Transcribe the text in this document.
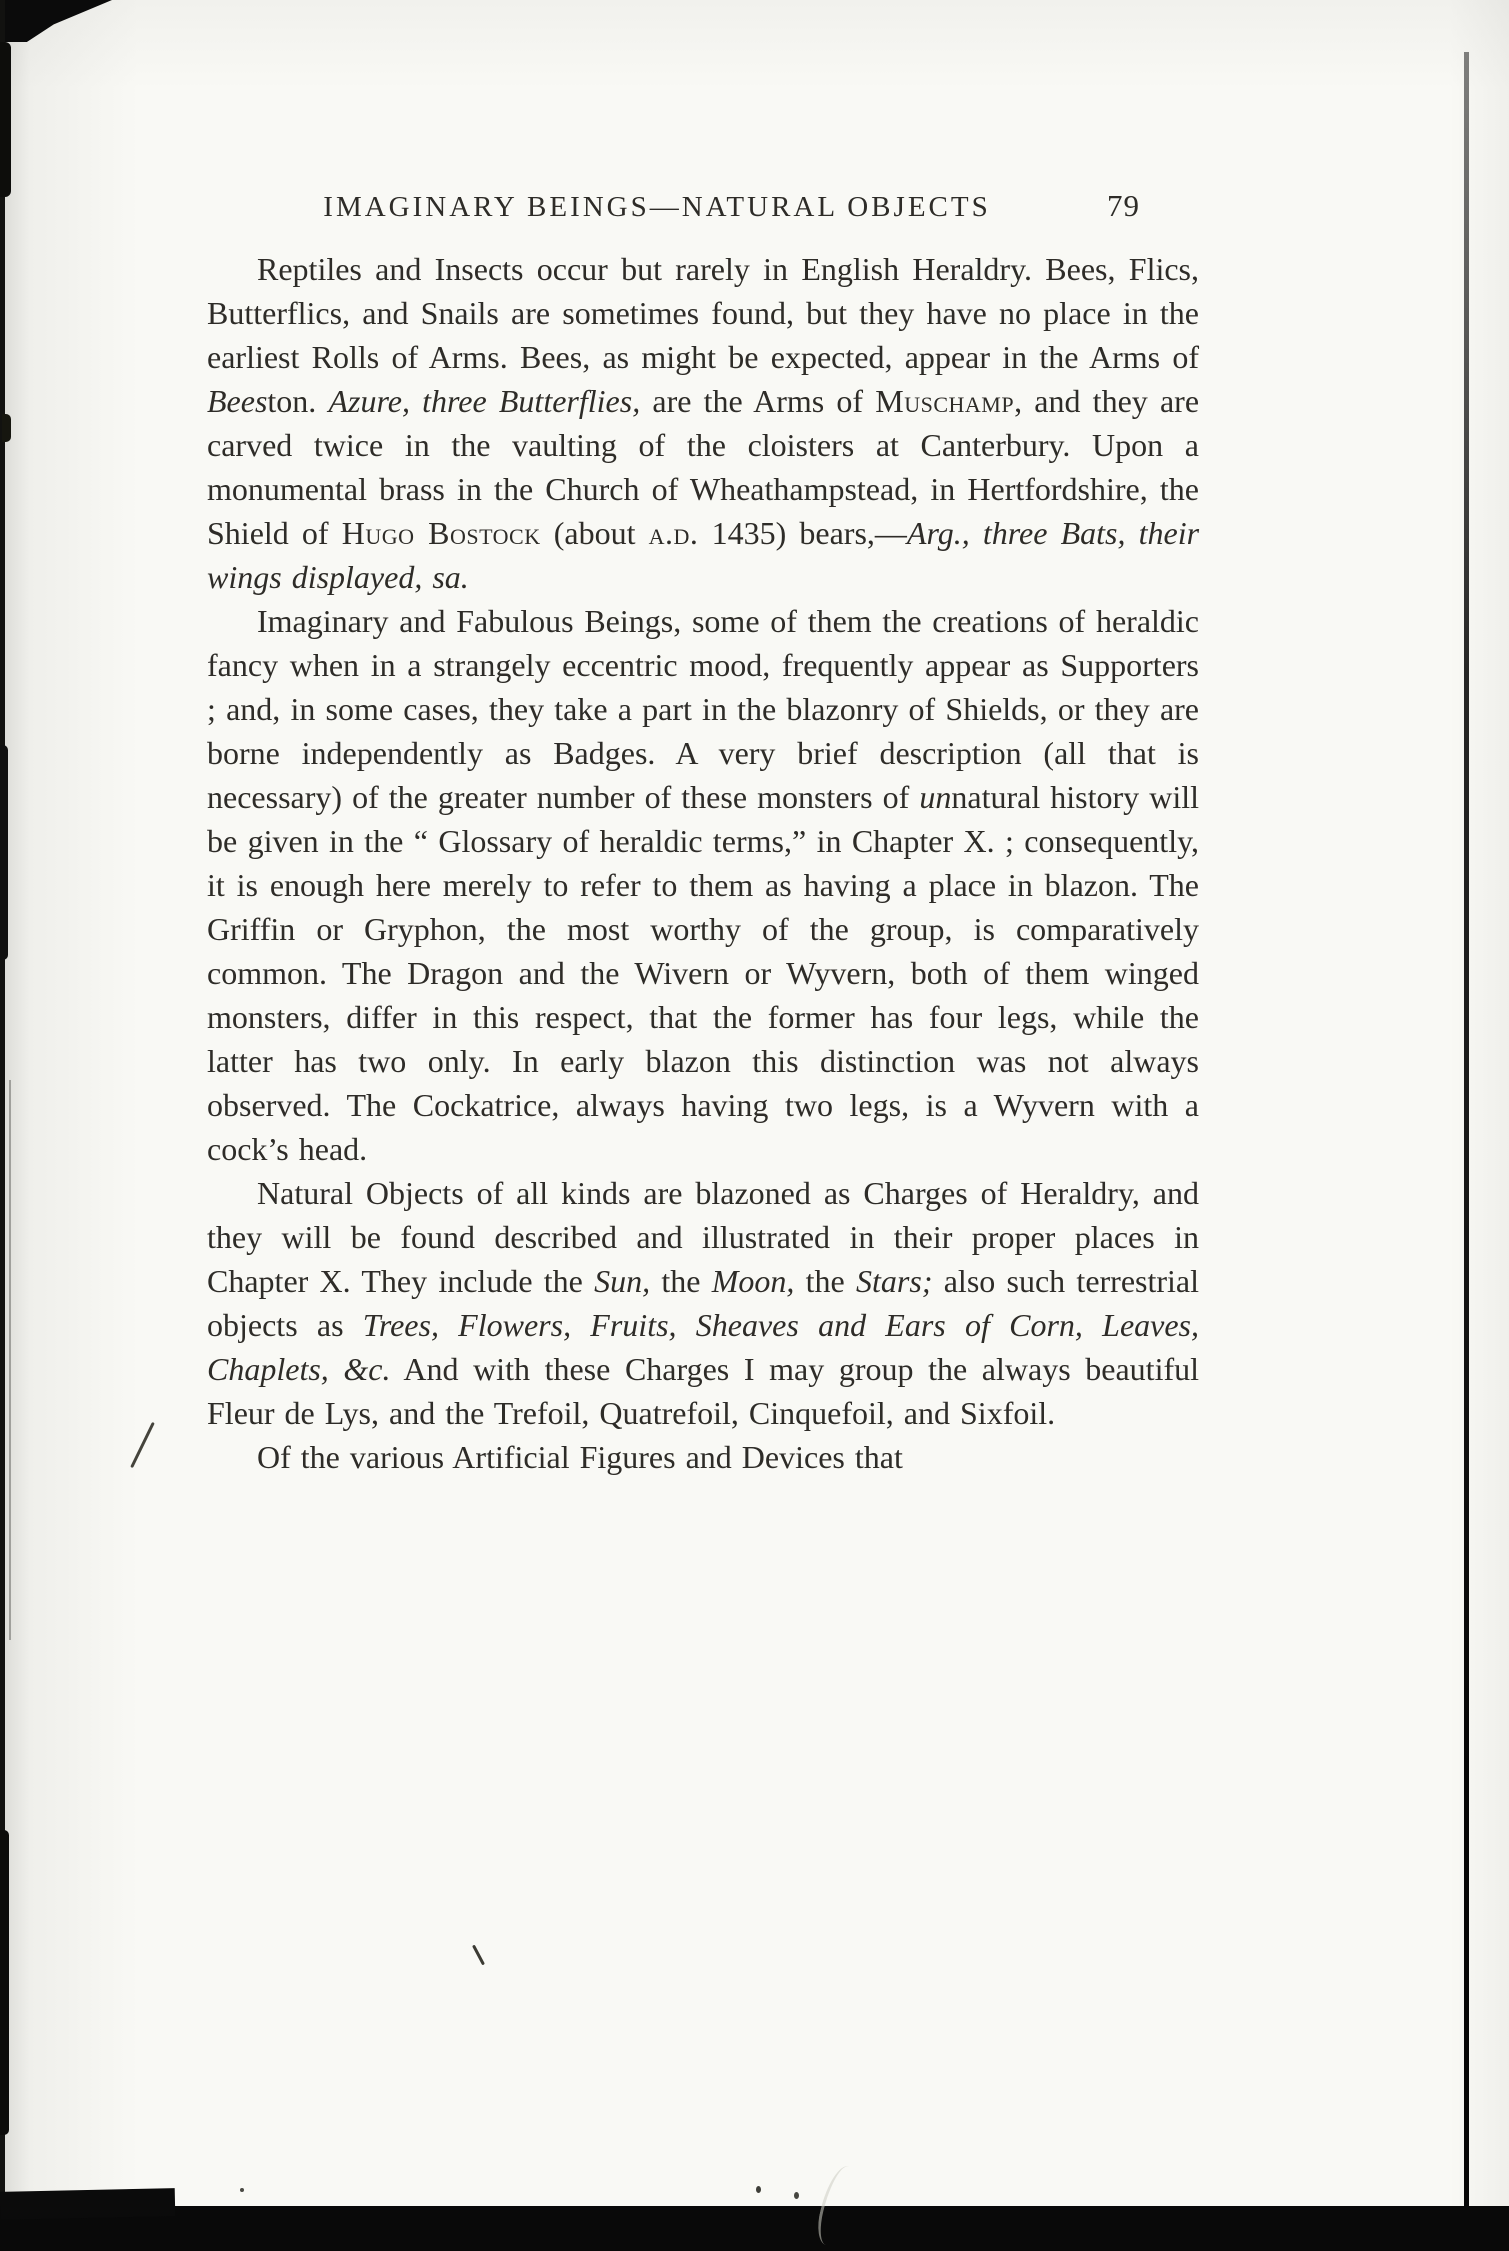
IMAGINARY BEINGS—NATURAL OBJECTS	79

Reptiles and Insects occur but rarely in English Heraldry. Bees, Flics, Butterflics, and Snails are sometimes found, but they have no place in the earliest Rolls of Arms. Bees, as might be expected, appear in the Arms of Beeston. Azure, three Butterflies, are the Arms of Muschamp, and they are carved twice in the vaulting of the cloisters at Canterbury. Upon a monumental brass in the Church of Wheathampstead, in Hertfordshire, the Shield of Hugo Bostock (about a.d. 1435) bears,—Arg., three Bats, their wings displayed, sa.

Imaginary and Fabulous Beings, some of them the creations of heraldic fancy when in a strangely eccentric mood, frequently appear as Supporters ; and, in some cases, they take a part in the blazonry of Shields, or they are borne independently as Badges. A very brief description (all that is necessary) of the greater number of these monsters of unnatural history will be given in the “ Glossary of heraldic terms,” in Chapter X. ; consequently, it is enough here merely to refer to them as having a place in blazon. The Griffin or Gryphon, the most worthy of the group, is comparatively common. The Dragon and the Wivern or Wyvern, both of them winged monsters, differ in this respect, that the former has four legs, while the latter has two only. In early blazon this distinction was not always observed. The Cockatrice, always having two legs, is a Wyvern with a cock’s head.

Natural Objects of all kinds are blazoned as Charges of Heraldry, and they will be found described and illustrated in their proper places in Chapter X. They include the Sun, the Moon, the Stars; also such terrestrial objects as Trees, Flowers, Fruits, Sheaves and Ears of Corn, Leaves, Chaplets, &c. And with these Charges I may group the always beautiful Fleur de Lys, and the Trefoil, Quatrefoil, Cinquefoil, and Sixfoil.

Of the various Artificial Figures and Devices that
